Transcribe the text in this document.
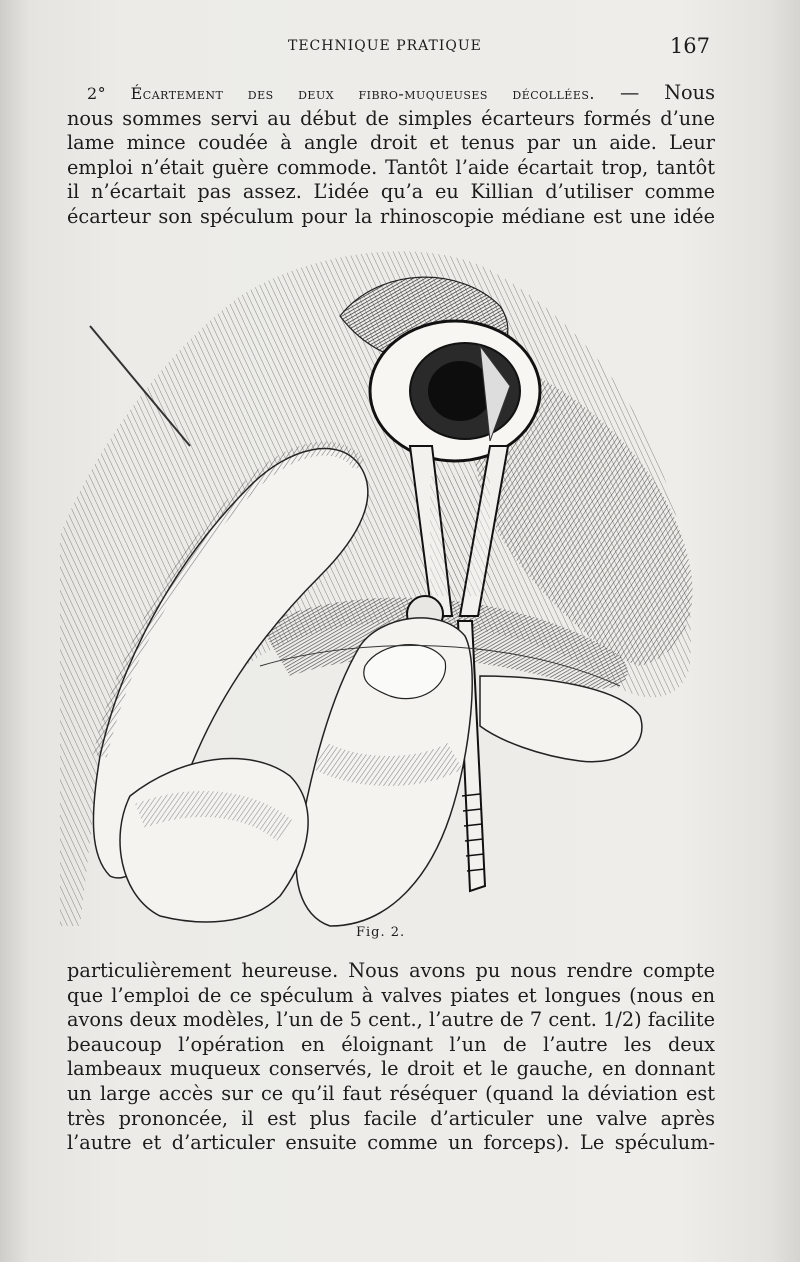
TECHNIQUE PRATIQUE	167
2° Écartement des deux fibro-muqueuses décollées. — Nous
nous sommes servi au début de simples écarteurs formés d’une
lame mince coudée à angle droit et tenus par un aide. Leur
emploi n’était guère commode. Tantôt l’aide écartait trop, tantôt
il n’écartait pas assez. L’idée qu’a eu Killian d’utiliser comme
écarteur son spéculum pour la rhinoscopie médiane est une idée
Fig. 2.
particulièrement heureuse. Nous avons pu nous rendre compte
que l’emploi de ce spéculum à valves piates et longues (nous en
avons deux modèles, l’un de 5 cent., l’autre de 7 cent. 1/2) facilite
beaucoup l’opération en éloignant l’un de l’autre les deux
lambeaux muqueux conservés, le droit et le gauche, en donnant
un large accès sur ce qu’il faut réséquer (quand la déviation est
très prononcée, il est plus facile d’articuler une valve après
l’autre et d’articuler ensuite comme un forceps). Le spéculum-
